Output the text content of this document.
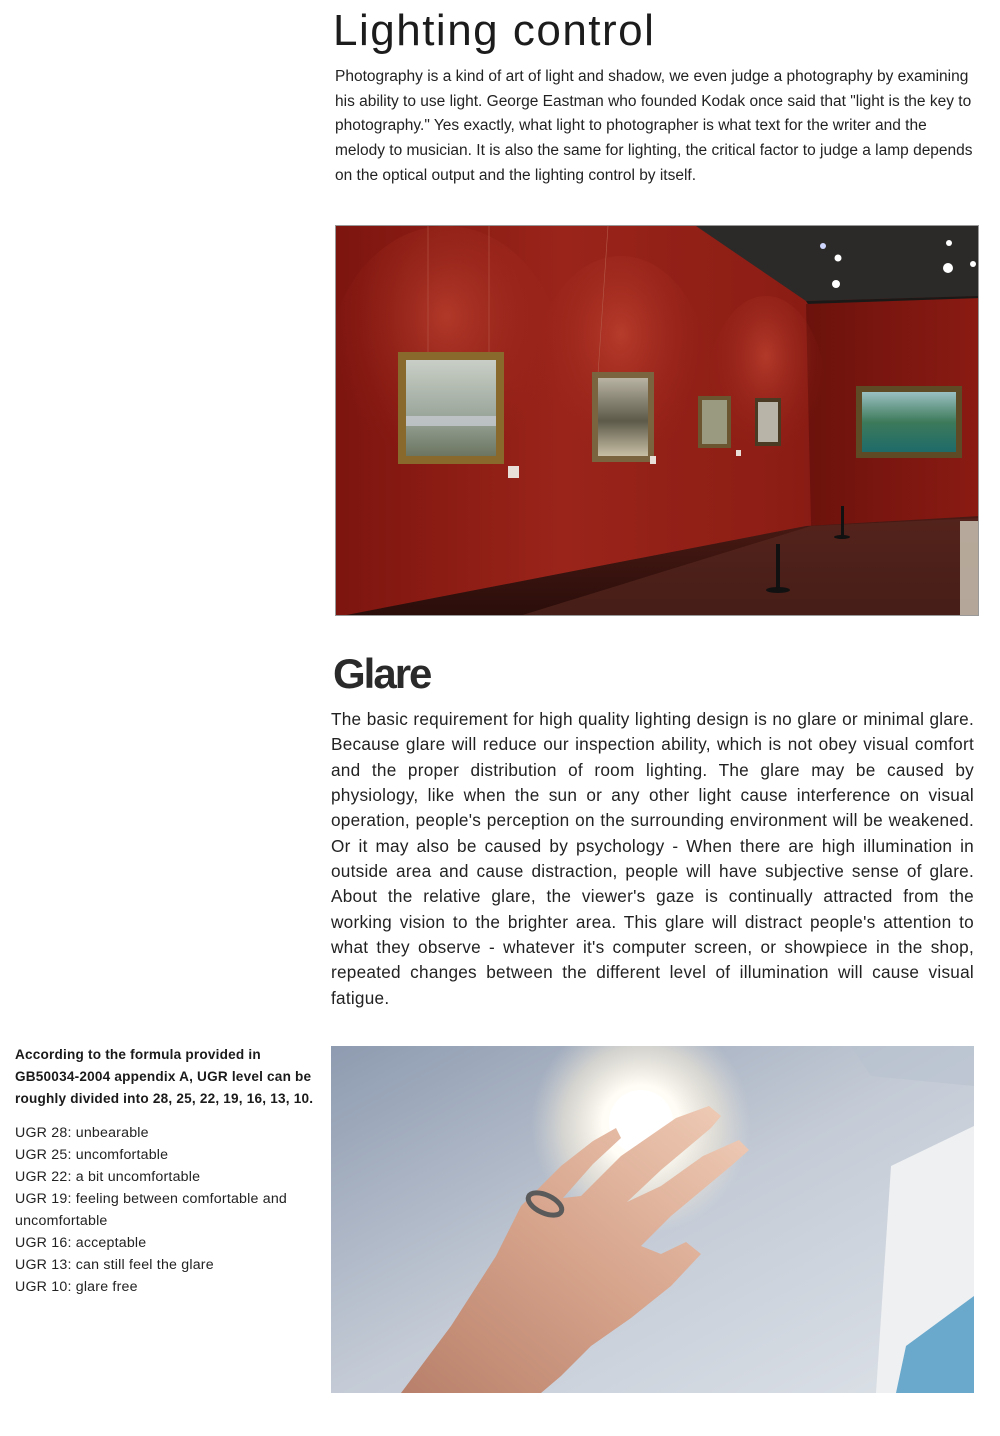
Lighting control

Photography is a kind of art of light and shadow, we even judge a photography by examining his ability to use light. George Eastman who founded Kodak once said that "light is the key to photography." Yes exactly, what light to photographer is what text for the writer and the melody to musician. It is also the same for lighting, the critical factor to judge a lamp depends on the optical output and the lighting control by itself.

Glare

The basic requirement for high quality lighting design is no glare or minimal glare. Because glare will reduce our inspection ability, which is not obey visual comfort and the proper distribution of room lighting. The glare may be caused by physiology, like when the sun or any other light cause interference on visual operation, people's perception on the surrounding environment will be weakened. Or it may also be caused by psychology - When there are high illumination in outside area and cause distraction, people will have subjective sense of glare. About the relative glare, the viewer's gaze is continually attracted from the working vision to the brighter area. This glare will distract people's attention to what they observe - whatever it's computer screen, or showpiece in the shop, repeated changes between the different level of illumination will cause visual fatigue.

According to the formula provided in GB50034-2004 appendix A, UGR level can be roughly divided into 28, 25, 22, 19, 16, 13, 10.

UGR 28: unbearable
UGR 25: uncomfortable
UGR 22: a bit uncomfortable
UGR 19: feeling between comfortable and uncomfortable
UGR 16: acceptable
UGR 13: can still feel the glare
UGR 10: glare free
